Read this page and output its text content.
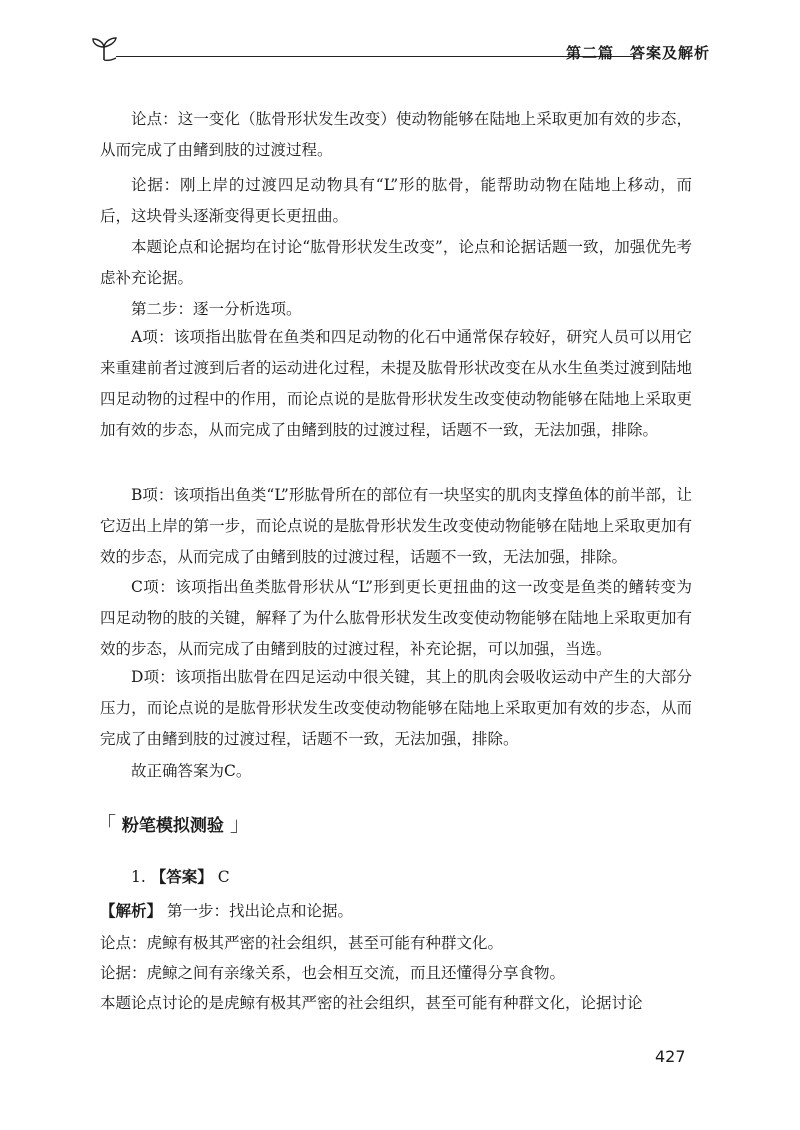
第二篇　答案及解析

论点：这一变化（肱骨形状发生改变）使动物能够在陆地上采取更加有效的步态，从而完成了由鳍到肢的过渡过程。

论据：刚上岸的过渡四足动物具有“L”形的肱骨，能帮助动物在陆地上移动，而后，这块骨头逐渐变得更长更扭曲。

本题论点和论据均在讨论“肱骨形状发生改变”，论点和论据话题一致，加强优先考虑补充论据。

第二步：逐一分析选项。

A项：该项指出肱骨在鱼类和四足动物的化石中通常保存较好，研究人员可以用它来重建前者过渡到后者的运动进化过程，未提及肱骨形状改变在从水生鱼类过渡到陆地四足动物的过程中的作用，而论点说的是肱骨形状发生改变使动物能够在陆地上采取更加有效的步态，从而完成了由鳍到肢的过渡过程，话题不一致，无法加强，排除。

B项：该项指出鱼类“L”形肱骨所在的部位有一块坚实的肌肉支撑鱼体的前半部，让它迈出上岸的第一步，而论点说的是肱骨形状发生改变使动物能够在陆地上采取更加有效的步态，从而完成了由鳍到肢的过渡过程，话题不一致，无法加强，排除。

C项：该项指出鱼类肱骨形状从“L”形到更长更扭曲的这一改变是鱼类的鳍转变为四足动物的肢的关键，解释了为什么肱骨形状发生改变使动物能够在陆地上采取更加有效的步态，从而完成了由鳍到肢的过渡过程，补充论据，可以加强，当选。

D项：该项指出肱骨在四足运动中很关键，其上的肌肉会吸收运动中产生的大部分压力，而论点说的是肱骨形状发生改变使动物能够在陆地上采取更加有效的步态，从而完成了由鳍到肢的过渡过程，话题不一致，无法加强，排除。

故正确答案为C。

「 粉笔模拟测验 」

1. 【答案】 C

【解析】 第一步：找出论点和论据。

论点：虎鲸有极其严密的社会组织，甚至可能有种群文化。

论据：虎鲸之间有亲缘关系，也会相互交流，而且还懂得分享食物。

本题论点讨论的是虎鲸有极其严密的社会组织，甚至可能有种群文化，论据讨论

427
